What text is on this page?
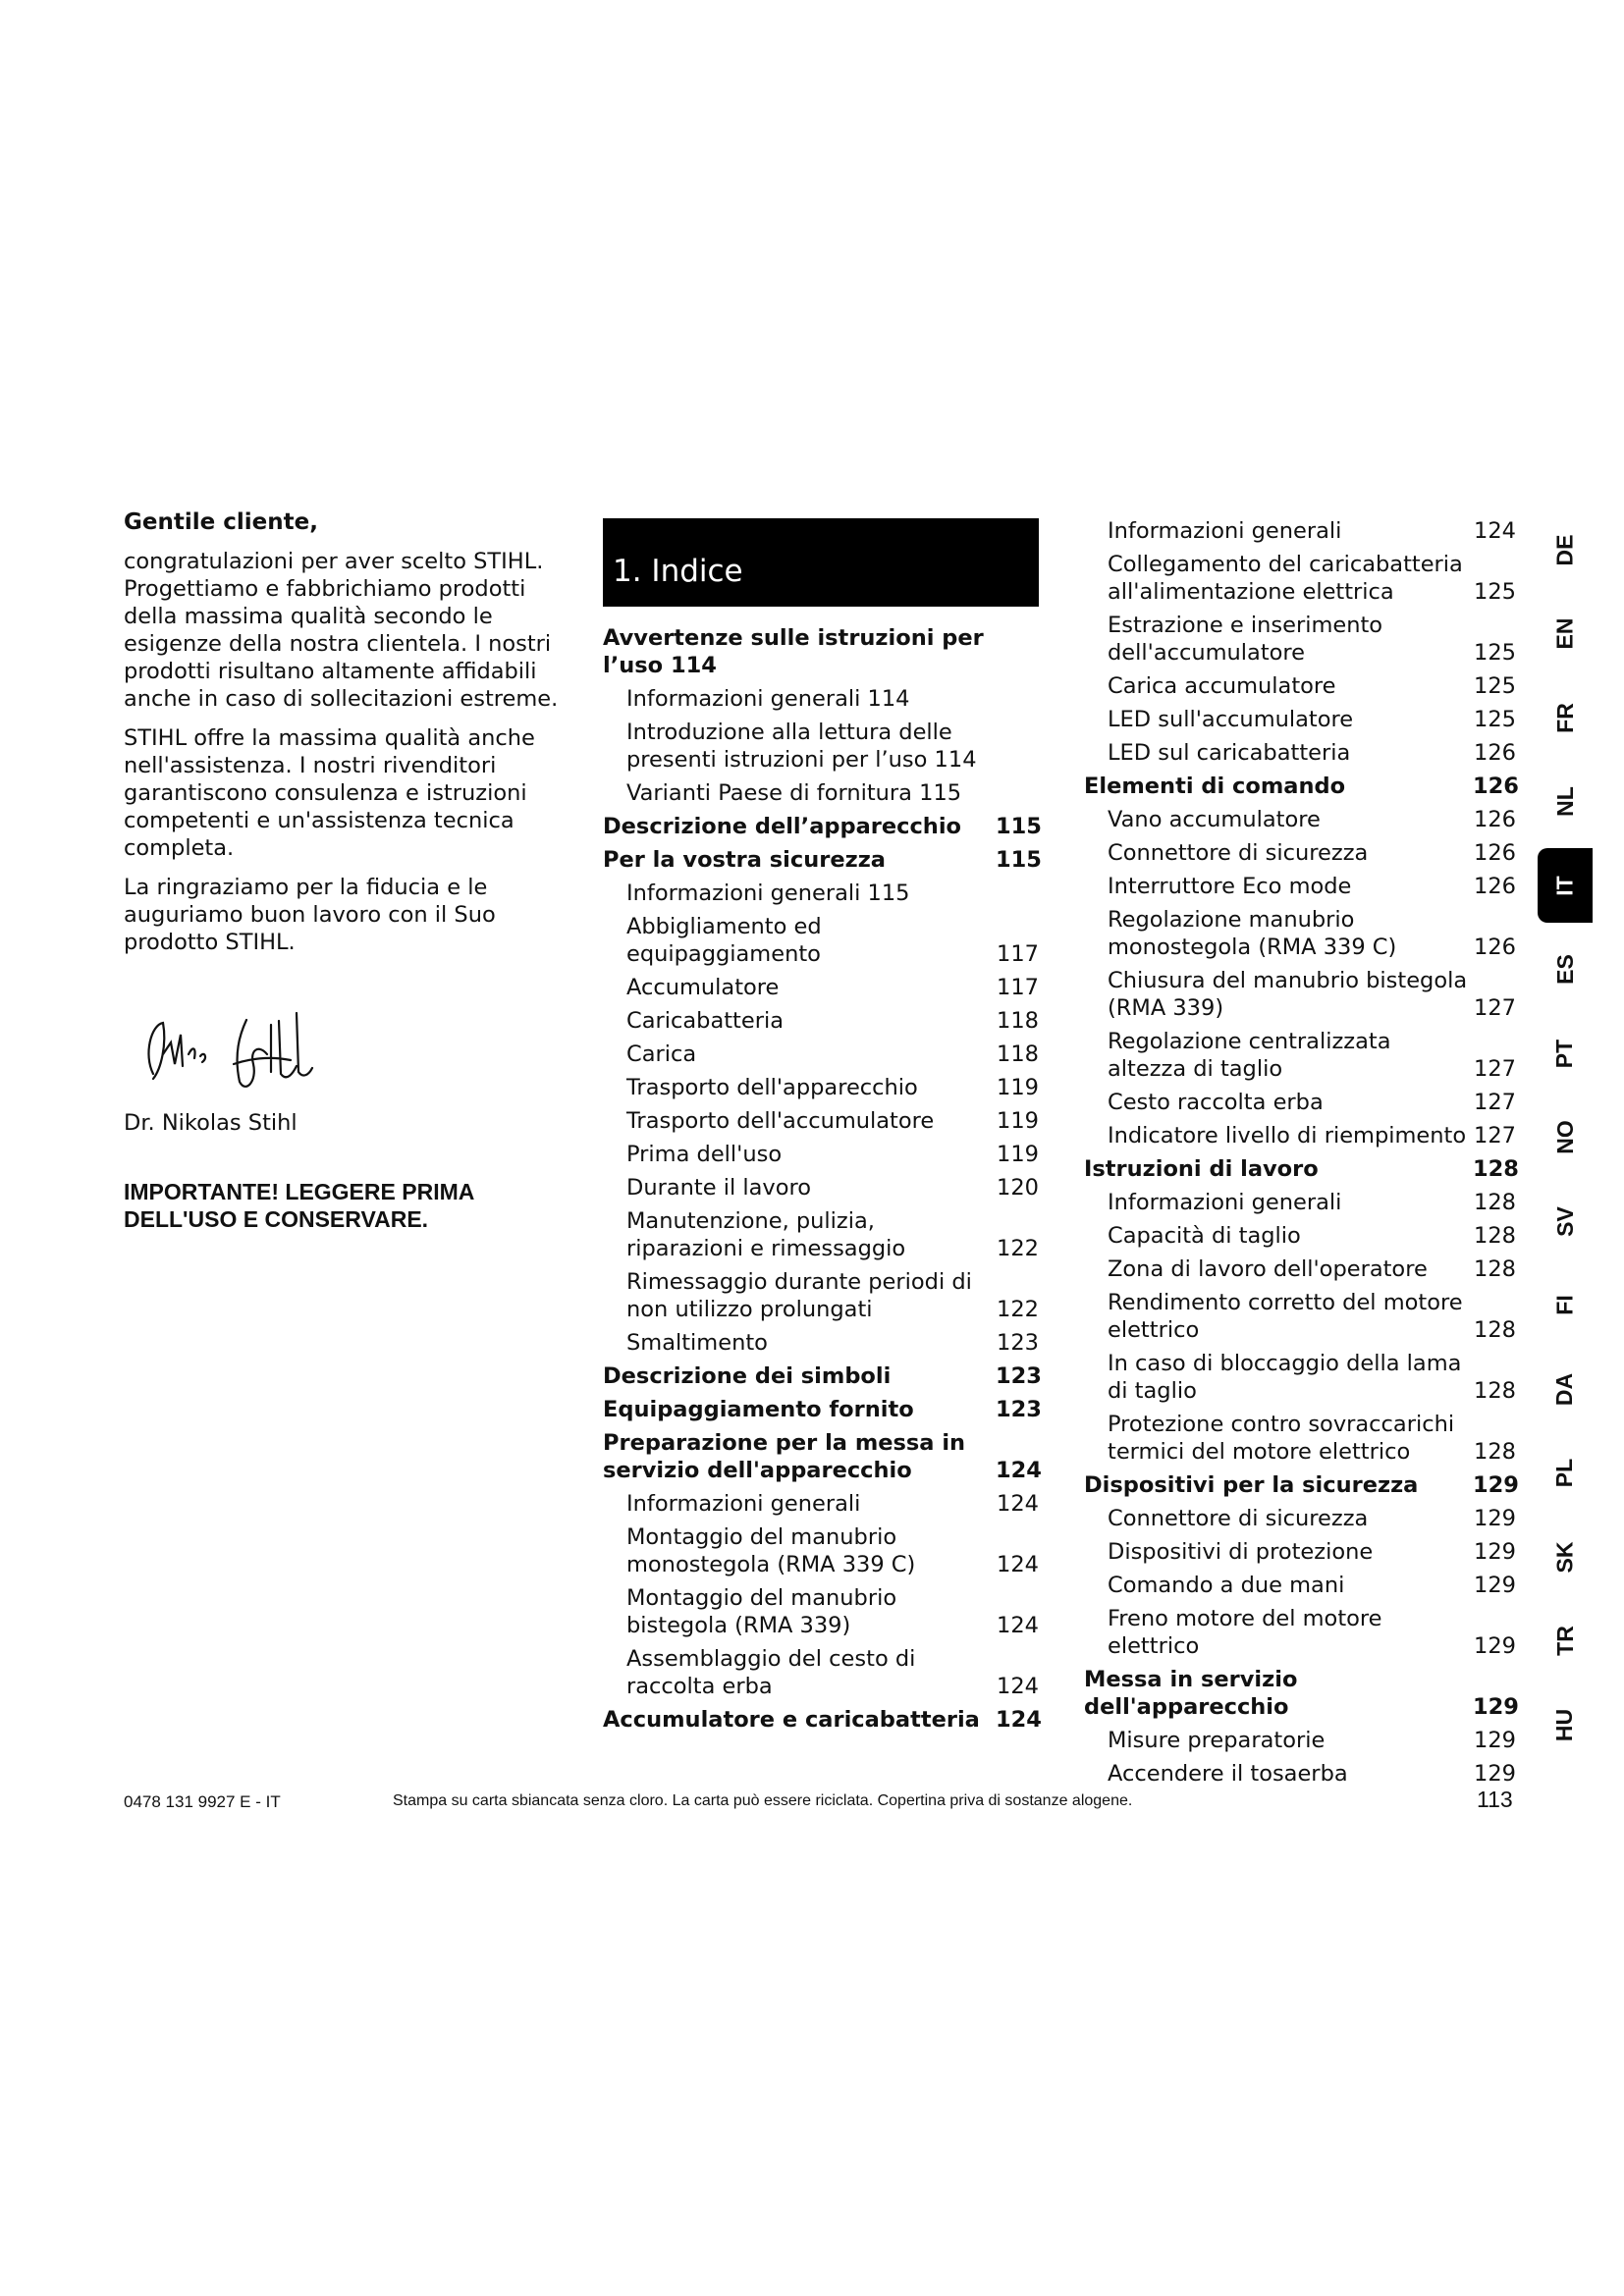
Gentile cliente,
congratulazioni per aver scelto STIHL. Progettiamo e fabbrichiamo prodotti della massima qualità secondo le esigenze della nostra clientela. I nostri prodotti risultano altamente affidabili anche in caso di sollecitazioni estreme.
STIHL offre la massima qualità anche nell'assistenza. I nostri rivenditori garantiscono consulenza e istruzioni competenti e un'assistenza tecnica completa.
La ringraziamo per la fiducia e le auguriamo buon lavoro con il Suo prodotto STIHL.
Dr. Nikolas Stihl
IMPORTANTE! LEGGERE PRIMA DELL'USO E CONSERVARE.
1. Indice
Avvertenze sulle istruzioni per l’uso 114
Informazioni generali 114
Introduzione alla lettura delle presenti istruzioni per l’uso 114
Varianti Paese di fornitura 115
Descrizione dell’apparecchio	115
Per la vostra sicurezza	115
Informazioni generali 115
Abbigliamento ed equipaggiamento	117
Accumulatore	117
Caricabatteria	118
Carica	118
Trasporto dell'apparecchio	119
Trasporto dell'accumulatore	119
Prima dell'uso	119
Durante il lavoro	120
Manutenzione, pulizia, riparazioni e rimessaggio	122
Rimessaggio durante periodi di non utilizzo prolungati	122
Smaltimento	123
Descrizione dei simboli	123
Equipaggiamento fornito	123
Preparazione per la messa in servizio dell'apparecchio	124
Informazioni generali	124
Montaggio del manubrio monostegola (RMA 339 C)	124
Montaggio del manubrio bistegola (RMA 339)	124
Assemblaggio del cesto di raccolta erba	124
Accumulatore e caricabatteria 124
Informazioni generali	124
Collegamento del caricabatteria all'alimentazione elettrica	125
Estrazione e inserimento dell'accumulatore	125
Carica accumulatore	125
LED sull'accumulatore	125
LED sul caricabatteria	126
Elementi di comando	126
Vano accumulatore	126
Connettore di sicurezza	126
Interruttore Eco mode	126
Regolazione manubrio monostegola (RMA 339 C)	126
Chiusura del manubrio bistegola (RMA 339)	127
Regolazione centralizzata altezza di taglio	127
Cesto raccolta erba	127
Indicatore livello di riempimento 127
Istruzioni di lavoro	128
Informazioni generali	128
Capacità di taglio	128
Zona di lavoro dell'operatore	128
Rendimento corretto del motore elettrico	128
In caso di bloccaggio della lama di taglio	128
Protezione contro sovraccarichi termici del motore elettrico	128
Dispositivi per la sicurezza	129
Connettore di sicurezza	129
Dispositivi di protezione	129
Comando a due mani	129
Freno motore del motore elettrico	129
Messa in servizio dell'apparecchio	129
Misure preparatorie	129
Accendere il tosaerba	129
DE
EN
FR
NL
IT
ES
PT
NO
SV
FI
DA
PL
SK
TR
HU
0478 131 9927 E - IT	Stampa su carta sbiancata senza cloro. La carta può essere riciclata. Copertina priva di sostanze alogene.	113
